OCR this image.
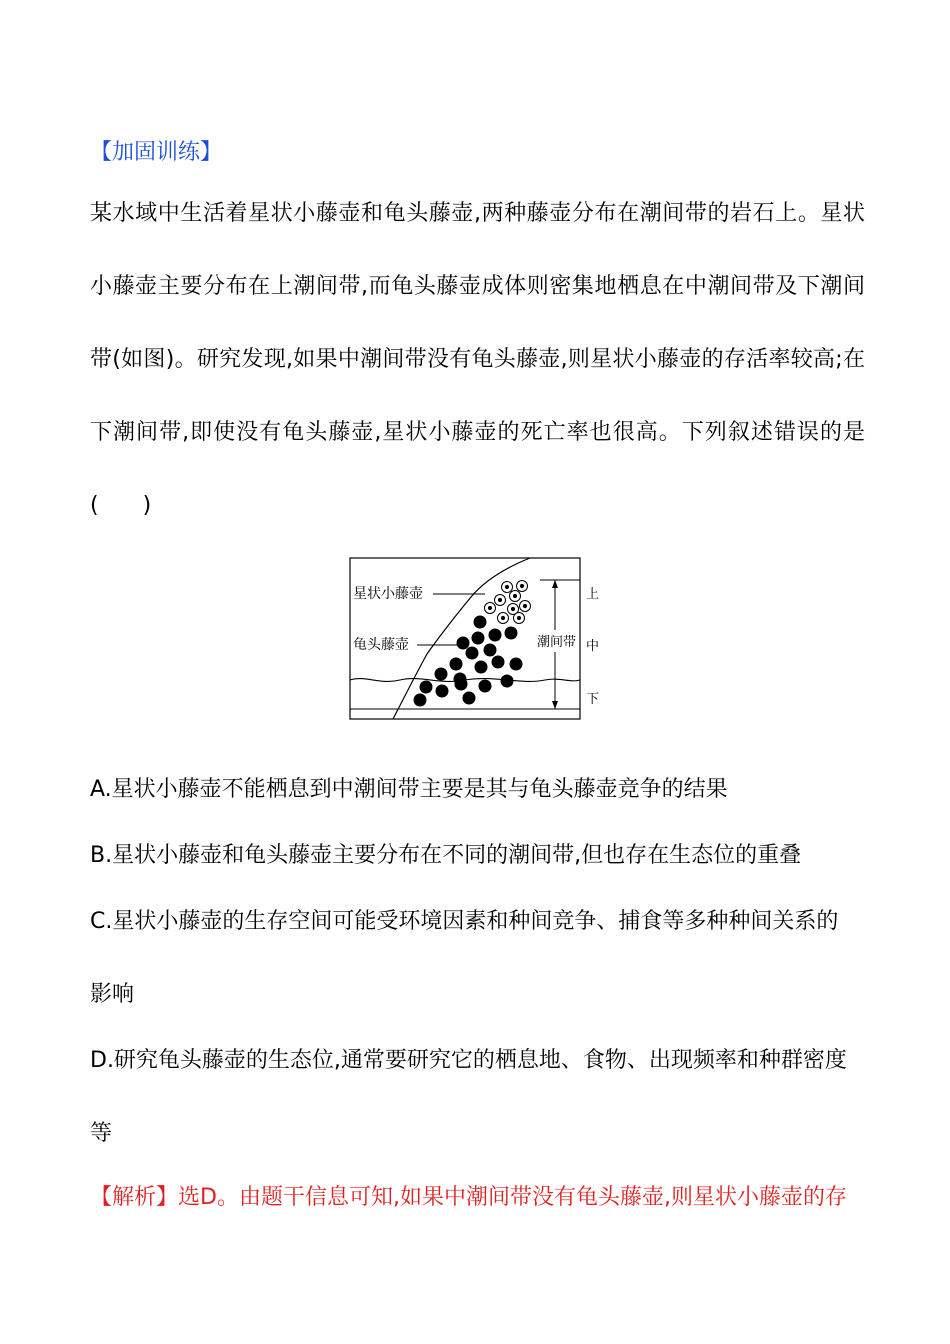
【加固训练】
某水域中生活着星状小藤壶和龟头藤壶,两种藤壶分布在潮间带的岩石上。星状小藤壶主要分布在上潮间带,而龟头藤壶成体则密集地栖息在中潮间带及下潮间带(如图)。研究发现,如果中潮间带没有龟头藤壶,则星状小藤壶的存活率较高;在下潮间带,即使没有龟头藤壶,星状小藤壶的死亡率也很高。下列叙述错误的是(　　)
星状小藤壶
龟头藤壶	潮间带
上
中
下
A.星状小藤壶不能栖息到中潮间带主要是其与龟头藤壶竞争的结果
B.星状小藤壶和龟头藤壶主要分布在不同的潮间带,但也存在生态位的重叠
C.星状小藤壶的生存空间可能受环境因素和种间竞争、捕食等多种种间关系的
影响
D.研究龟头藤壶的生态位,通常要研究它的栖息地、食物、出现频率和种群密度
等
【解析】选D。由题干信息可知,如果中潮间带没有龟头藤壶,则星状小藤壶的存
